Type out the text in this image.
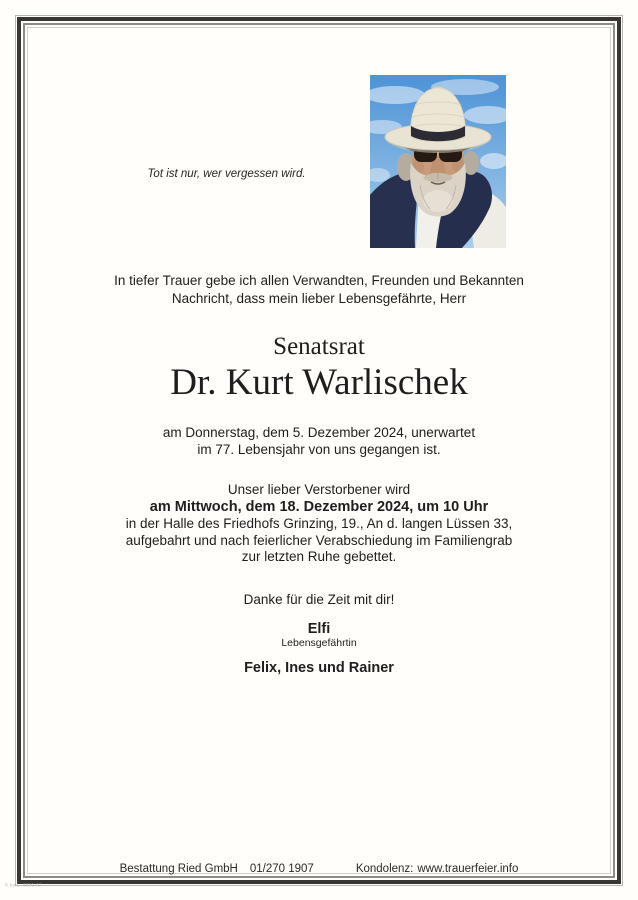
Tot ist nur, wer vergessen wird.
In tiefer Trauer gebe ich allen Verwandten, Freunden und Bekannten
Nachricht, dass mein lieber Lebensgefährte, Herr
Senatsrat
Dr. Kurt Warlischek
am Donnerstag, dem 5. Dezember 2024, unerwartet
im 77. Lebensjahr von uns gegangen ist.
Unser lieber Verstorbener wird
am Mittwoch, dem 18. Dezember 2024, um 10 Uhr
in der Halle des Friedhofs Grinzing, 19., An d. langen Lüssen 33,
aufgebahrt und nach feierlicher Verabschiedung im Familiengrab
zur letzten Ruhe gebettet.
Danke für die Zeit mit dir!
Elfi
Lebensgefährtin
Felix, Ines und Rainer
Bestattung Ried GmbH 01/270 1907	Kondolenz: www.trauerfeier.info
© by L. 8900-07
